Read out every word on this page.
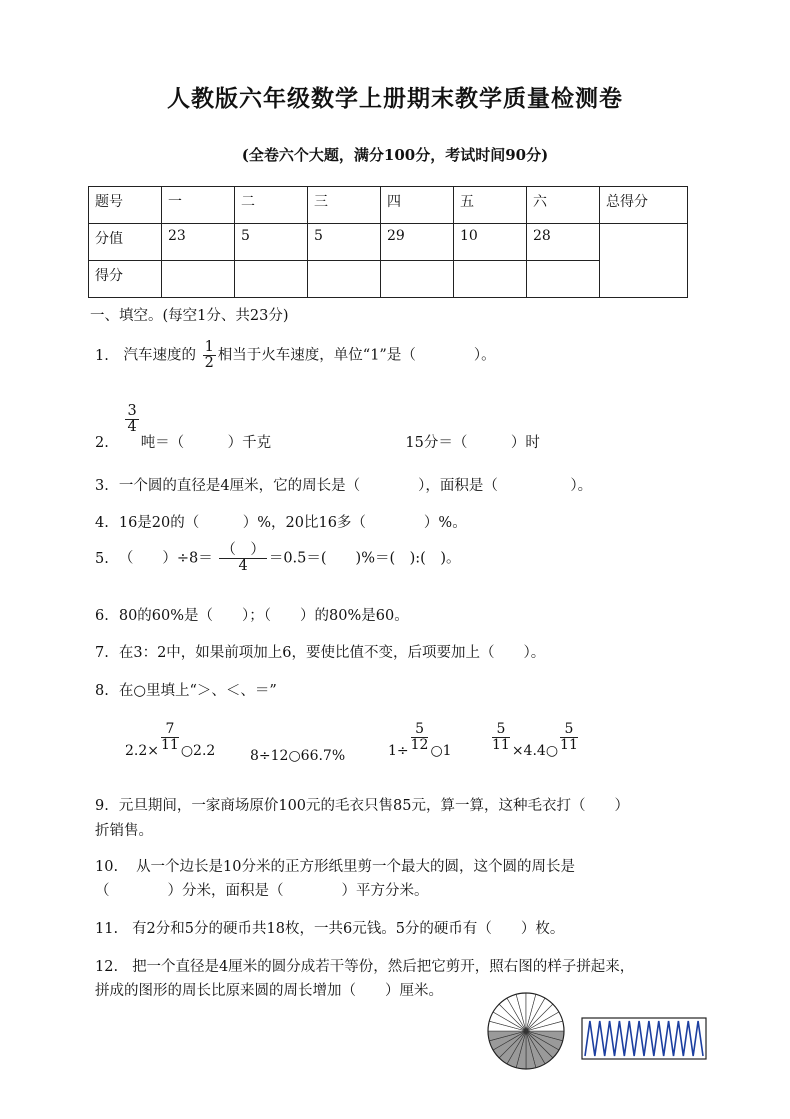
人教版六年级数学上册期末教学质量检测卷
(全卷六个大题，满分100分，考试时间90分)
题号	一	二	三	四	五	六	总得分
分值	23	5	5	29	10	28	
得分							
一、填空。(每空1分、共23分)
1. 汽车速度的 $\frac{1}{2}$ 相当于火车速度，单位“1”是（　　　　）。
2.
$\frac{3}{4}$
吨＝（　　　）千克	15分＝（　　　）时
3. 一个圆的直径是4厘米，它的周长是（　　　　），面积是（　　　　　）。
4. 16是20的（　　　）%，20比16多（　　　　）%。
5. （　　）$\div 8= \frac{( )}{4} =0.5=$(　　)%＝(　):(　)。
6. 80的60%是（　　）；（　　）的80%是60。
7. 在3：2中，如果前项加上6，要使比值不变，后项要加上（　　）。
8. 在○里填上“＞、＜、＝”
$2.2\times \frac{7}{11}$ ○2.2 8÷12○66.7%	$1\div \frac{5}{12}$ ○1	$\frac{5}{11}$ ×4.4○ $\frac{5}{11}$
9. 元旦期间，一家商场原价100元的毛衣只售85元，算一算，这种毛衣打（　　）
折销售。
10. 从一个边长是10分米的正方形纸里剪一个最大的圆，这个圆的周长是
（　　　　）分米，面积是（　　　　）平方分米。
11. 有2分和5分的硬币共18枚，一共6元钱。5分的硬币有（　　）枚。
12. 把一个直径是4厘米的圆分成若干等份，然后把它剪开，照右图的样子拼起来，
拼成的图形的周长比原来圆的周长增加（　　）厘米。
